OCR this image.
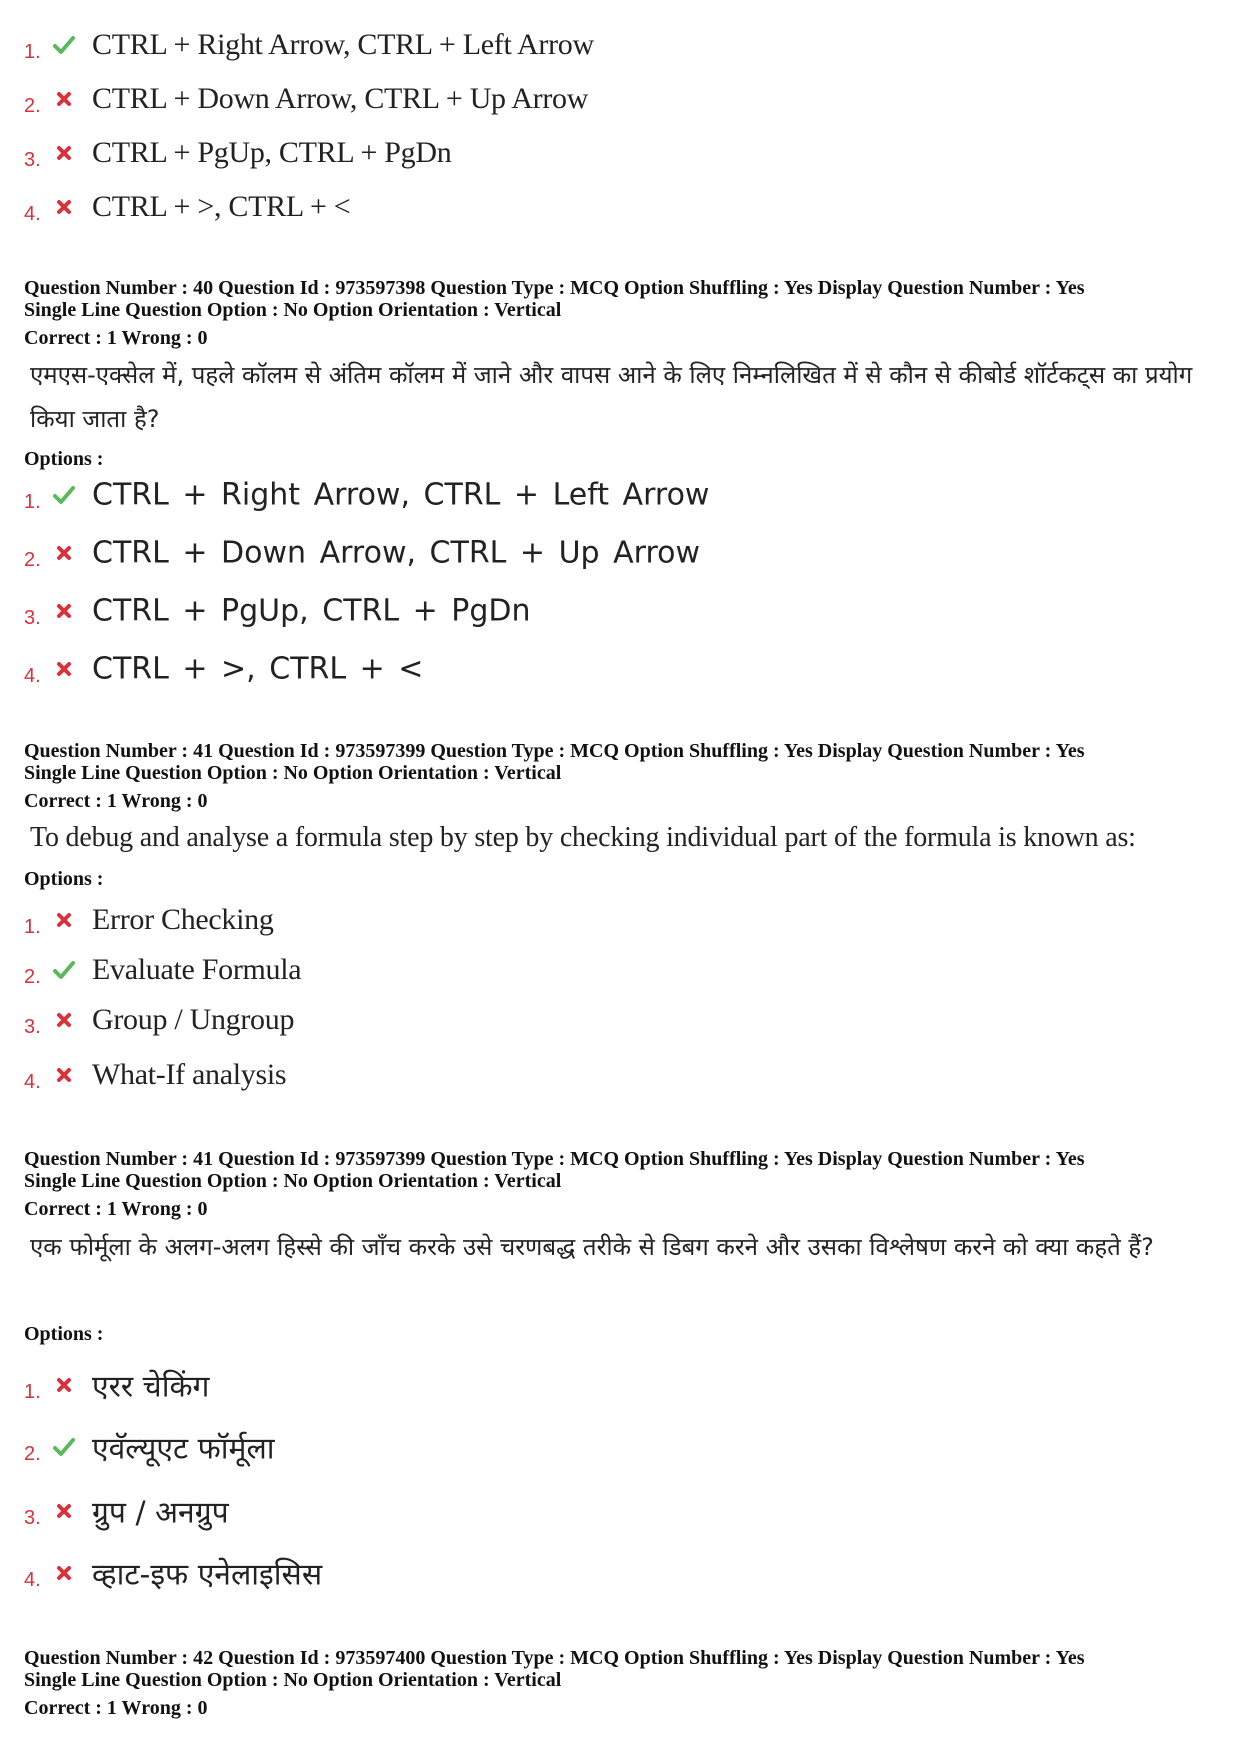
1. CTRL + Right Arrow, CTRL + Left Arrow
2. CTRL + Down Arrow, CTRL + Up Arrow
3. CTRL + PgUp, CTRL + PgDn
4. CTRL + >, CTRL + <
Question Number : 40 Question Id : 973597398 Question Type : MCQ Option Shuffling : Yes Display Question Number : Yes
Single Line Question Option : No Option Orientation : Vertical
Correct : 1 Wrong : 0
एमएस-एक्सेल में, पहले कॉलम से अंतिम कॉलम में जाने और वापस आने के लिए निम्नलिखित में से कौन से कीबोर्ड शॉर्टकट्स का प्रयोग किया जाता है?
Options :
1. CTRL + Right Arrow, CTRL + Left Arrow
2. CTRL + Down Arrow, CTRL + Up Arrow
3. CTRL + PgUp, CTRL + PgDn
4. CTRL + >, CTRL + <
Question Number : 41 Question Id : 973597399 Question Type : MCQ Option Shuffling : Yes Display Question Number : Yes
Single Line Question Option : No Option Orientation : Vertical
Correct : 1 Wrong : 0
To debug and analyse a formula step by step by checking individual part of the formula is known as:
Options :
1. Error Checking
2. Evaluate Formula
3. Group / Ungroup
4. What-If analysis
Question Number : 41 Question Id : 973597399 Question Type : MCQ Option Shuffling : Yes Display Question Number : Yes
Single Line Question Option : No Option Orientation : Vertical
Correct : 1 Wrong : 0
एक फोर्मूला के अलग-अलग हिस्से की जाँच करके उसे चरणबद्ध तरीके से डिबग करने और उसका विश्लेषण करने को क्या कहते हैं?
Options :
1. एरर चेकिंग
2. एवॅल्यूएट फॉर्मूला
3. ग्रुप / अनग्रुप
4. व्हाट-इफ एनेलाइसिस
Question Number : 42 Question Id : 973597400 Question Type : MCQ Option Shuffling : Yes Display Question Number : Yes
Single Line Question Option : No Option Orientation : Vertical
Correct : 1 Wrong : 0
